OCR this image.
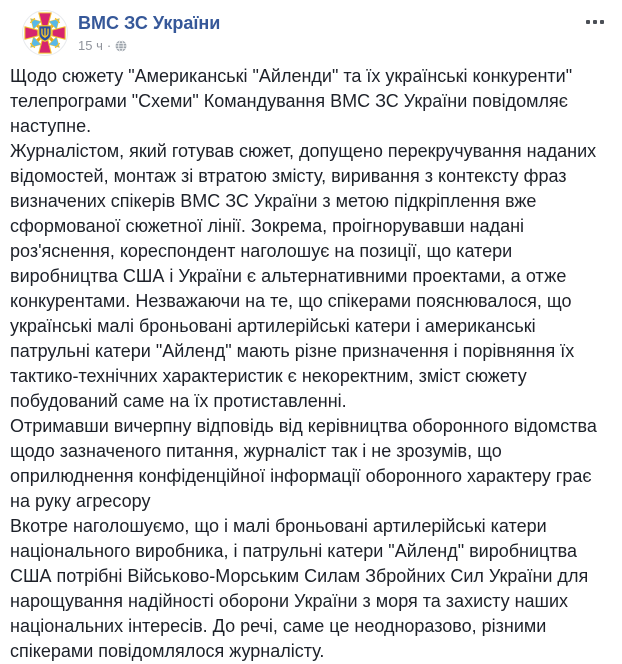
ВМС ЗС України
15 ч ·

Щодо сюжету "Американські "Айленди" та їх українські конкуренти" телепрограми "Схеми" Командування ВМС ЗС України повідомляє наступне.

Журналістом, який готував сюжет, допущено перекручування наданих відомостей, монтаж зі втратою змісту, виривання з контексту фраз визначених спікерів ВМС ЗС України з метою підкріплення вже сформованої сюжетної лінії. Зокрема, проігнорувавши надані роз'яснення, кореспондент наголошує на позиції, що катери виробництва США і України є альтернативними проектами, а отже конкурентами. Незважаючи на те, що спікерами пояснювалося, що українські малі броньовані артилерійські катери і американські патрульні катери "Айленд" мають різне призначення і порівняння їх тактико-технічних характеристик є некоректним, зміст сюжету побудований саме на їх протиставленні.

Отримавши вичерпну відповідь від керівництва оборонного відомства щодо зазначеного питання, журналіст так і не зрозумів, що оприлюднення конфіденційної інформації оборонного характеру грає на руку агресору

Вкотре наголошуємо, що і малі броньовані артилерійські катери національного виробника, і патрульні катери "Айленд" виробництва США потрібні Військово-Морським Силам Збройних Сил України для нарощування надійності оборони України з моря та захисту наших національних інтересів. До речі, саме це неодноразово, різними спікерами повідомлялося журналісту.
